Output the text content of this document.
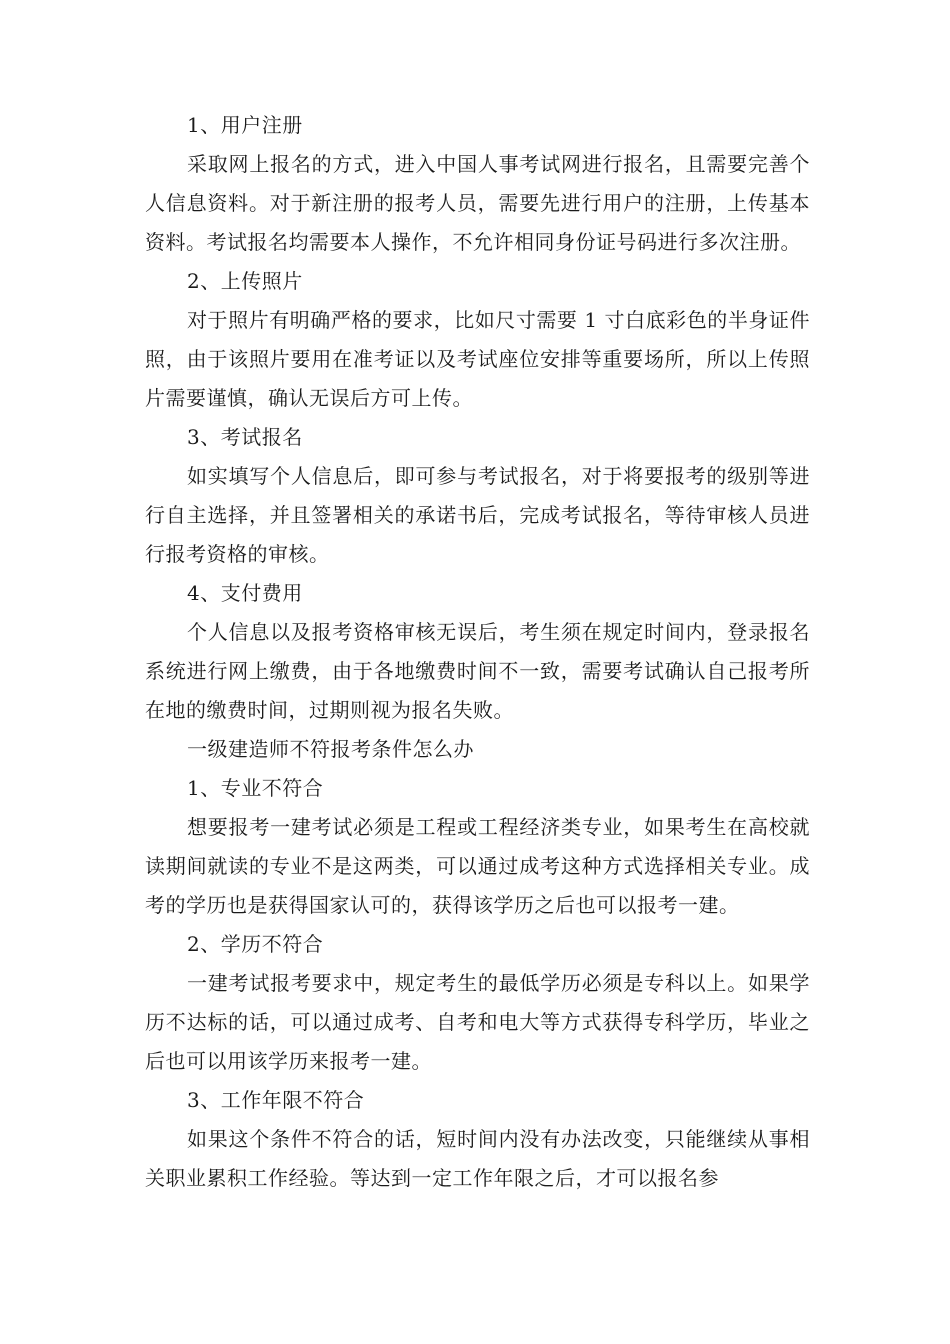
1、用户注册

采取网上报名的方式，进入中国人事考试网进行报名，且需要完善个人信息资料。对于新注册的报考人员，需要先进行用户的注册，上传基本资料。考试报名均需要本人操作，不允许相同身份证号码进行多次注册。

2、上传照片

对于照片有明确严格的要求，比如尺寸需要 1 寸白底彩色的半身证件照，由于该照片要用在准考证以及考试座位安排等重要场所，所以上传照片需要谨慎，确认无误后方可上传。

3、考试报名

如实填写个人信息后，即可参与考试报名，对于将要报考的级别等进行自主选择，并且签署相关的承诺书后，完成考试报名，等待审核人员进行报考资格的审核。

4、支付费用

个人信息以及报考资格审核无误后，考生须在规定时间内，登录报名系统进行网上缴费，由于各地缴费时间不一致，需要考试确认自己报考所在地的缴费时间，过期则视为报名失败。

一级建造师不符报考条件怎么办

1、专业不符合

想要报考一建考试必须是工程或工程经济类专业，如果考生在高校就读期间就读的专业不是这两类，可以通过成考这种方式选择相关专业。成考的学历也是获得国家认可的，获得该学历之后也可以报考一建。

2、学历不符合

一建考试报考要求中，规定考生的最低学历必须是专科以上。如果学历不达标的话，可以通过成考、自考和电大等方式获得专科学历，毕业之后也可以用该学历来报考一建。

3、工作年限不符合

如果这个条件不符合的话，短时间内没有办法改变，只能继续从事相关职业累积工作经验。等达到一定工作年限之后，才可以报名参
